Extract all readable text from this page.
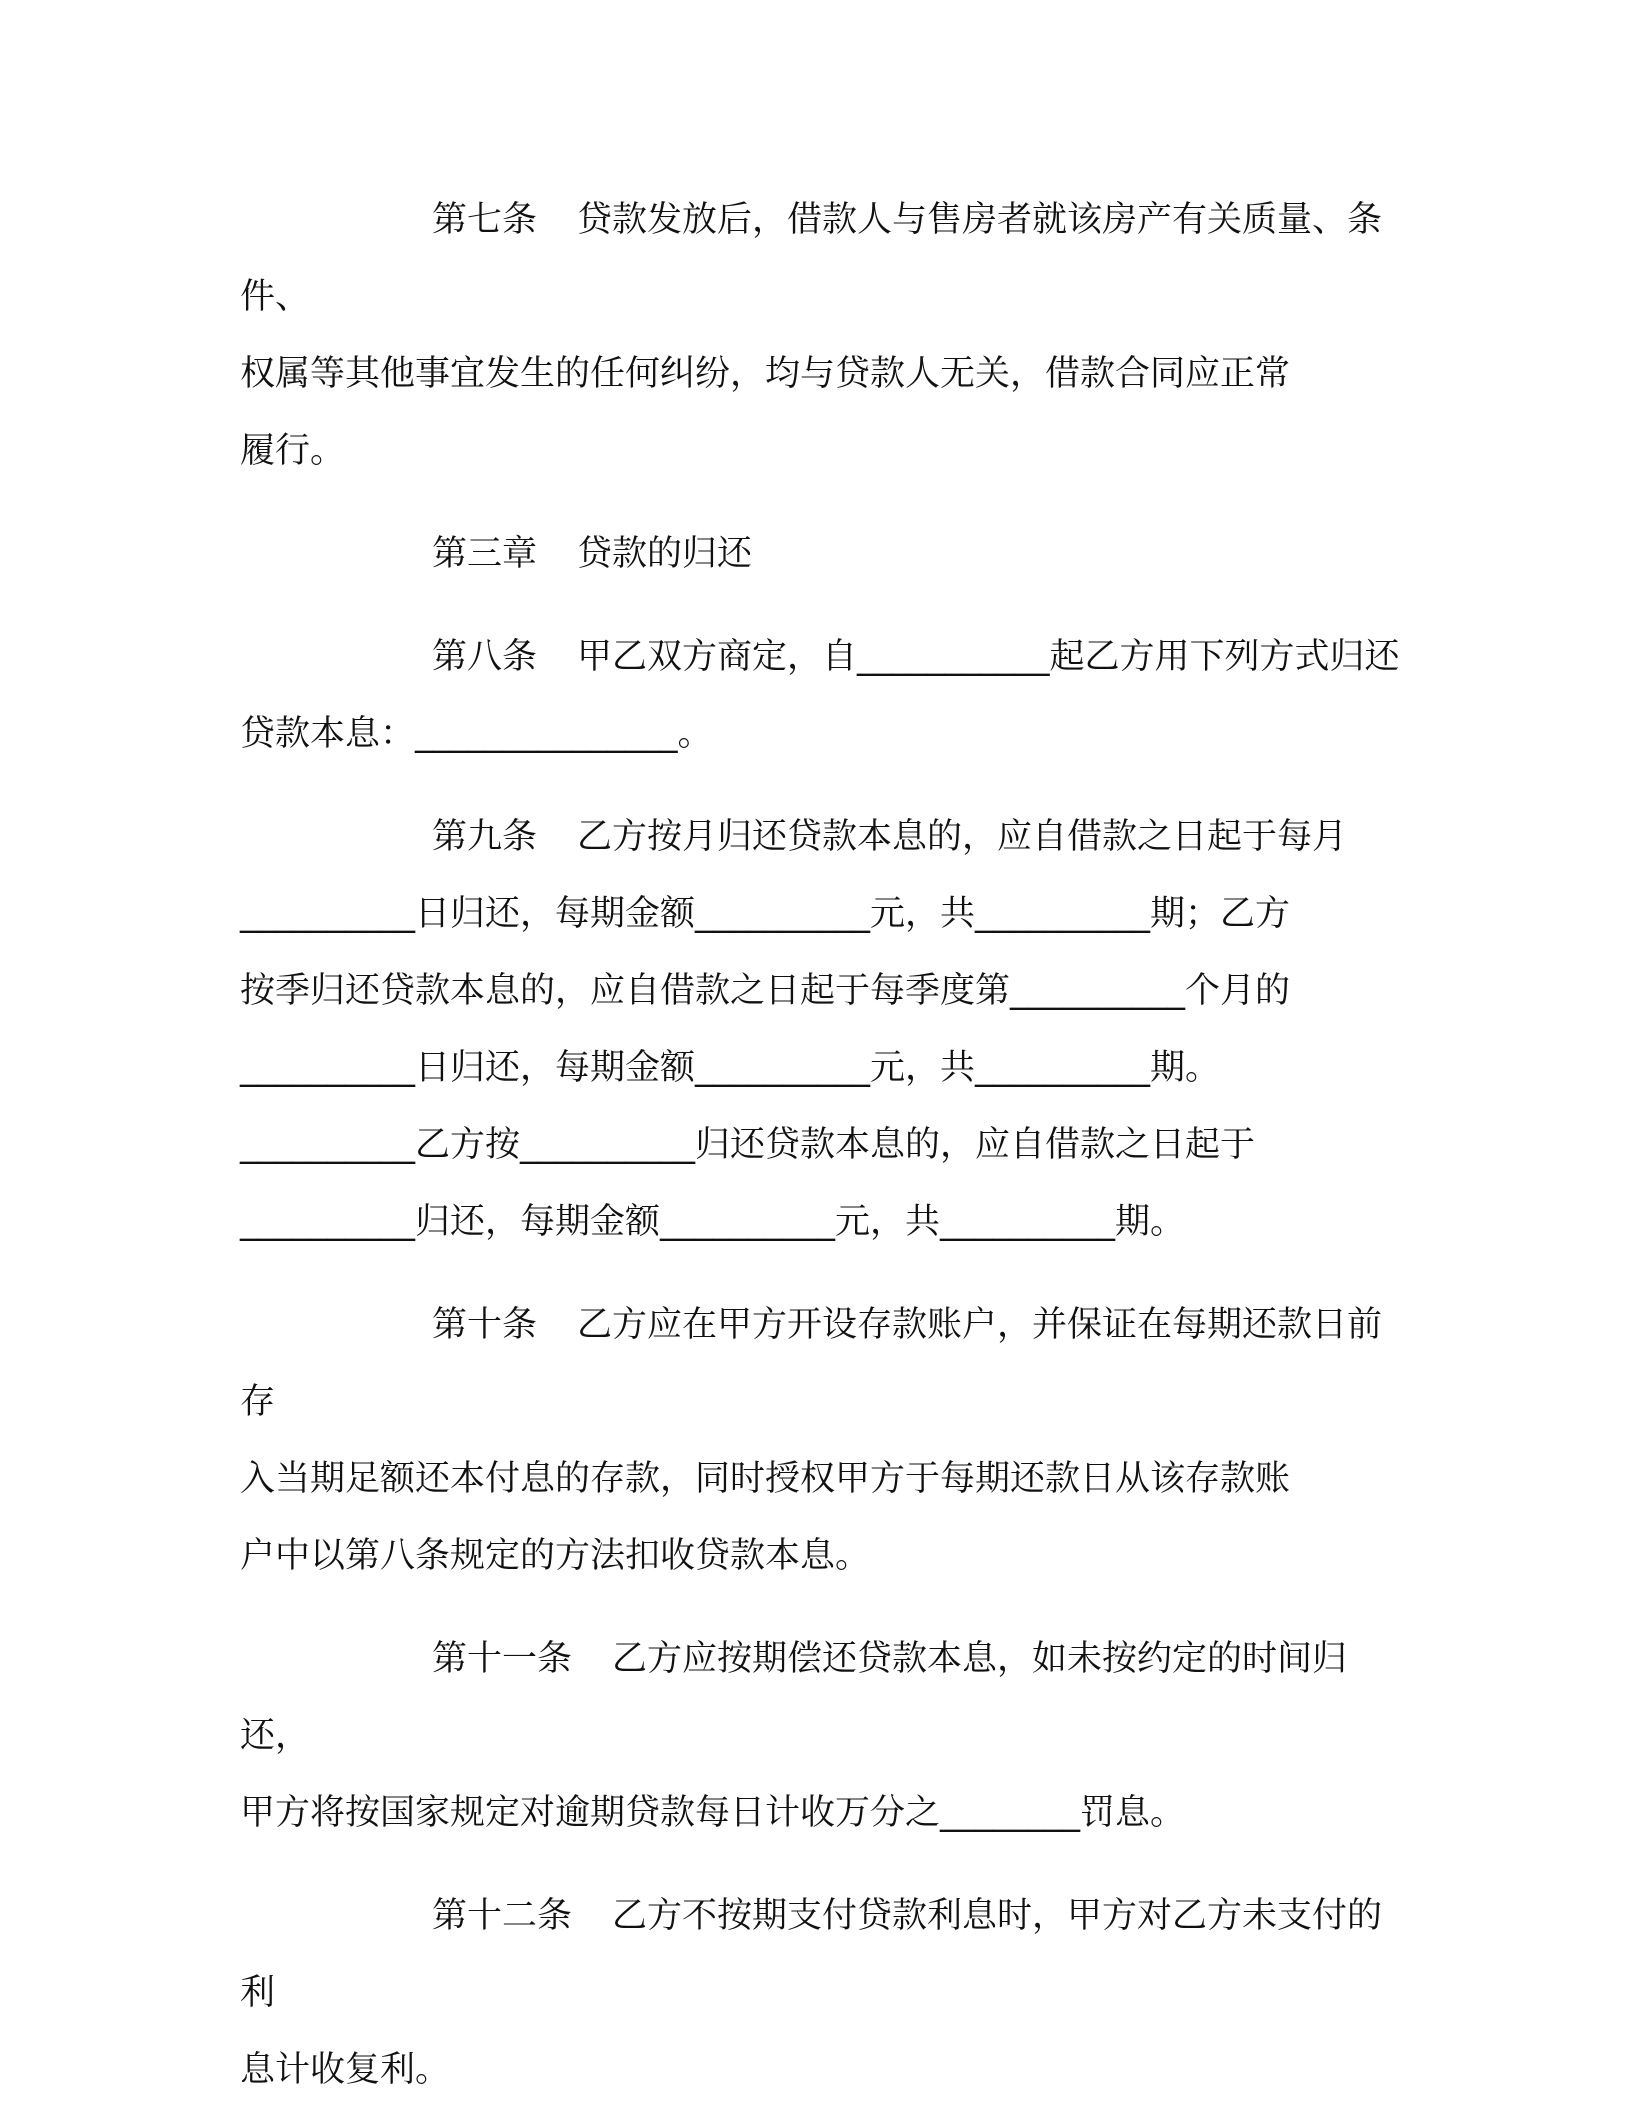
第七条 贷款发放后，借款人与售房者就该房产有关质量、条件、
权属等其他事宜发生的任何纠纷，均与贷款人无关，借款合同应正常
履行。
第三章 贷款的归还
第八条 甲乙双方商定，自___________起乙方用下列方式归还
贷款本息：_______________。
第九条 乙方按月归还贷款本息的，应自借款之日起于每月
__________日归还，每期金额__________元，共__________期；乙方
按季归还贷款本息的，应自借款之日起于每季度第__________个月的
__________日归还，每期金额__________元，共__________期。
__________乙方按__________归还贷款本息的，应自借款之日起于
__________归还，每期金额__________元，共__________期。
第十条 乙方应在甲方开设存款账户，并保证在每期还款日前存
入当期足额还本付息的存款，同时授权甲方于每期还款日从该存款账
户中以第八条规定的方法扣收贷款本息。
第十一条 乙方应按期偿还贷款本息，如未按约定的时间归还，
甲方将按国家规定对逾期贷款每日计收万分之________罚息。
第十二条 乙方不按期支付贷款利息时，甲方对乙方未支付的利
息计收复利。
